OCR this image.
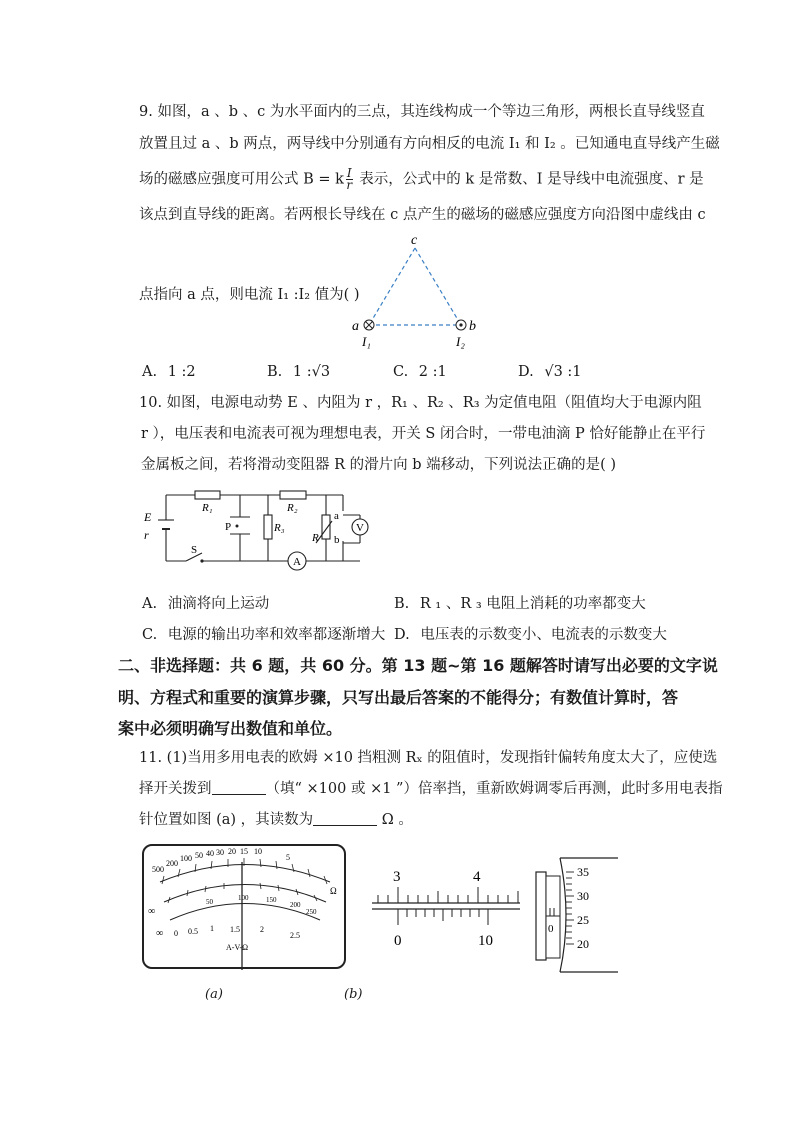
9. 如图，a 、b 、c 为水平面内的三点，其连线构成一个等边三角形，两根长直导线竖直
放置且过 a 、b 两点，两导线中分别通有方向相反的电流 I₁ 和 I₂ 。已知通电直导线产生磁
场的磁感应强度可用公式 B = k $\frac{I}{r}$ 表示，公式中的 k 是常数、I 是导线中电流强度、r 是
该点到直导线的距离。若两根长导线在 c 点产生的磁场的磁感应强度方向沿图中虚线由 c
点指向 a 点，则电流 I₁ :I₂ 值为( )
c
a	b
I₁	I₂
A. 1 :2	B. 1 :√3	C. 2 :1	D. √3 :1
10. 如图，电源电动势 E 、内阻为 r ，R₁ 、R₂ 、R₃ 为定值电阻（阻值均大于电源内阻
r ），电压表和电流表可视为理想电表，开关 S 闭合时，一带电油滴 P 恰好能静止在平行
金属板之间，若将滑动变阻器 R 的滑片向 b 端移动，下列说法正确的是( )
E
r
R₁
P	R₃
R₂
R
a
b
S
V
A
A. 油滴将向上运动	B. R ₁ 、R ₃ 电阻上消耗的功率都变大
C. 电源的输出功率和效率都逐渐增大 D. 电压表的示数变小、电流表的示数变大
二、非选择题：共 6 题，共 60 分。第 13 题~第 16 题解答时请写出必要的文字说
明、方程式和重要的演算步骤，只写出最后答案的不能得分；有数值计算时，答
案中必须明确写出数值和单位。
11. (1)当用多用电表的欧姆 ×10 挡粗测 Rₓ 的阻值时，发现指针偏转角度太大了，应使选
择开关拨到	（填“ ×100 或 ×1 ”）倍率挡，重新欧姆调零后再测，此时多用电表指
针位置如图 (a) ，其读数为	Ω 。
500
200
100 50 40 30 20 15 10
5
Ω
50	100	150
200
250
0 0.5 1 1.5	2
2.5
∞
∞
A-V-Ω
3	4
0	10
35
30
25
20
0
(a)	(b)
